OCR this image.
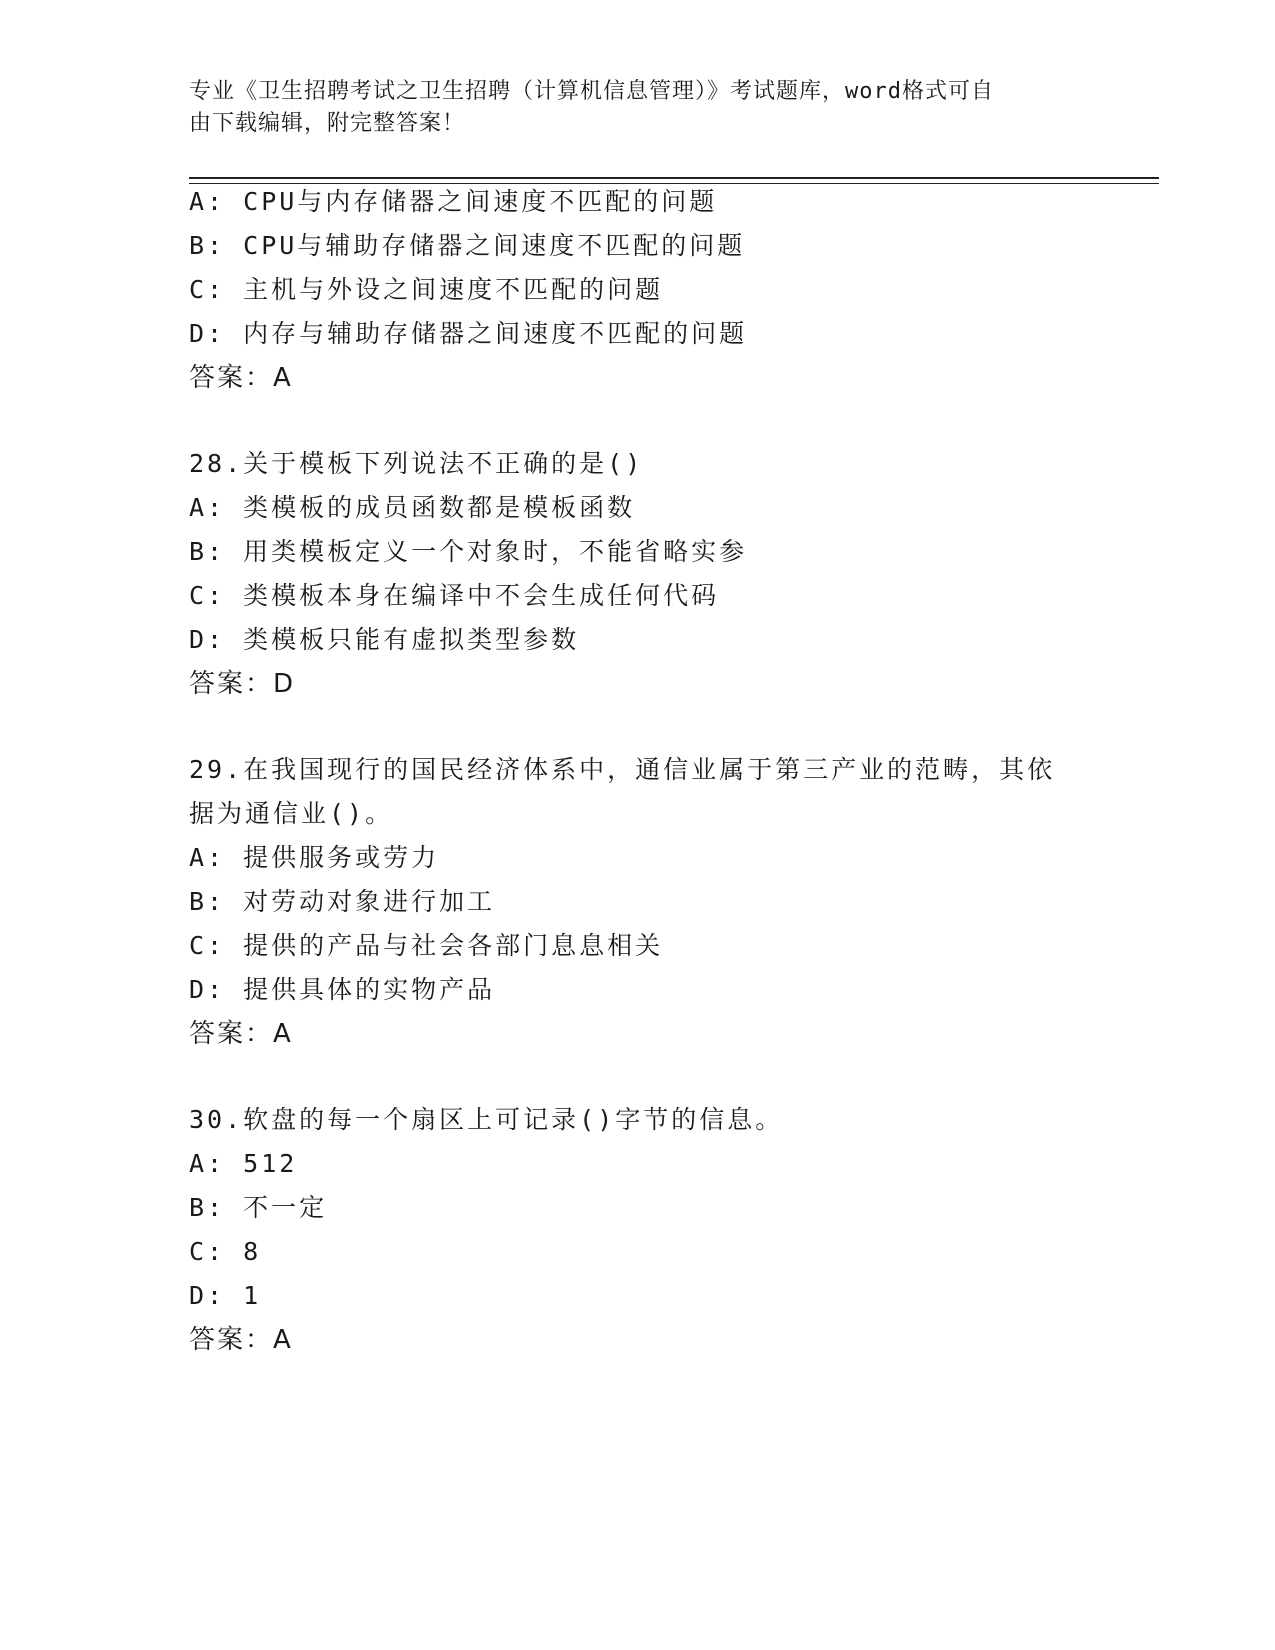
专业《卫生招聘考试之卫生招聘（计算机信息管理）》考试题库，word格式可自
由下载编辑，附完整答案！
A: CPU与内存储器之间速度不匹配的问题
B: CPU与辅助存储器之间速度不匹配的问题
C: 主机与外设之间速度不匹配的问题
D: 内存与辅助存储器之间速度不匹配的问题
答案：A
28.关于模板下列说法不正确的是()
A: 类模板的成员函数都是模板函数
B: 用类模板定义一个对象时，不能省略实参
C: 类模板本身在编译中不会生成任何代码
D: 类模板只能有虚拟类型参数
答案：D
29.在我国现行的国民经济体系中，通信业属于第三产业的范畴，其依
据为通信业()。
A: 提供服务或劳力
B: 对劳动对象进行加工
C: 提供的产品与社会各部门息息相关
D: 提供具体的实物产品
答案：A
30.软盘的每一个扇区上可记录()字节的信息。
A: 512
B: 不一定
C: 8
D: 1
答案：A
